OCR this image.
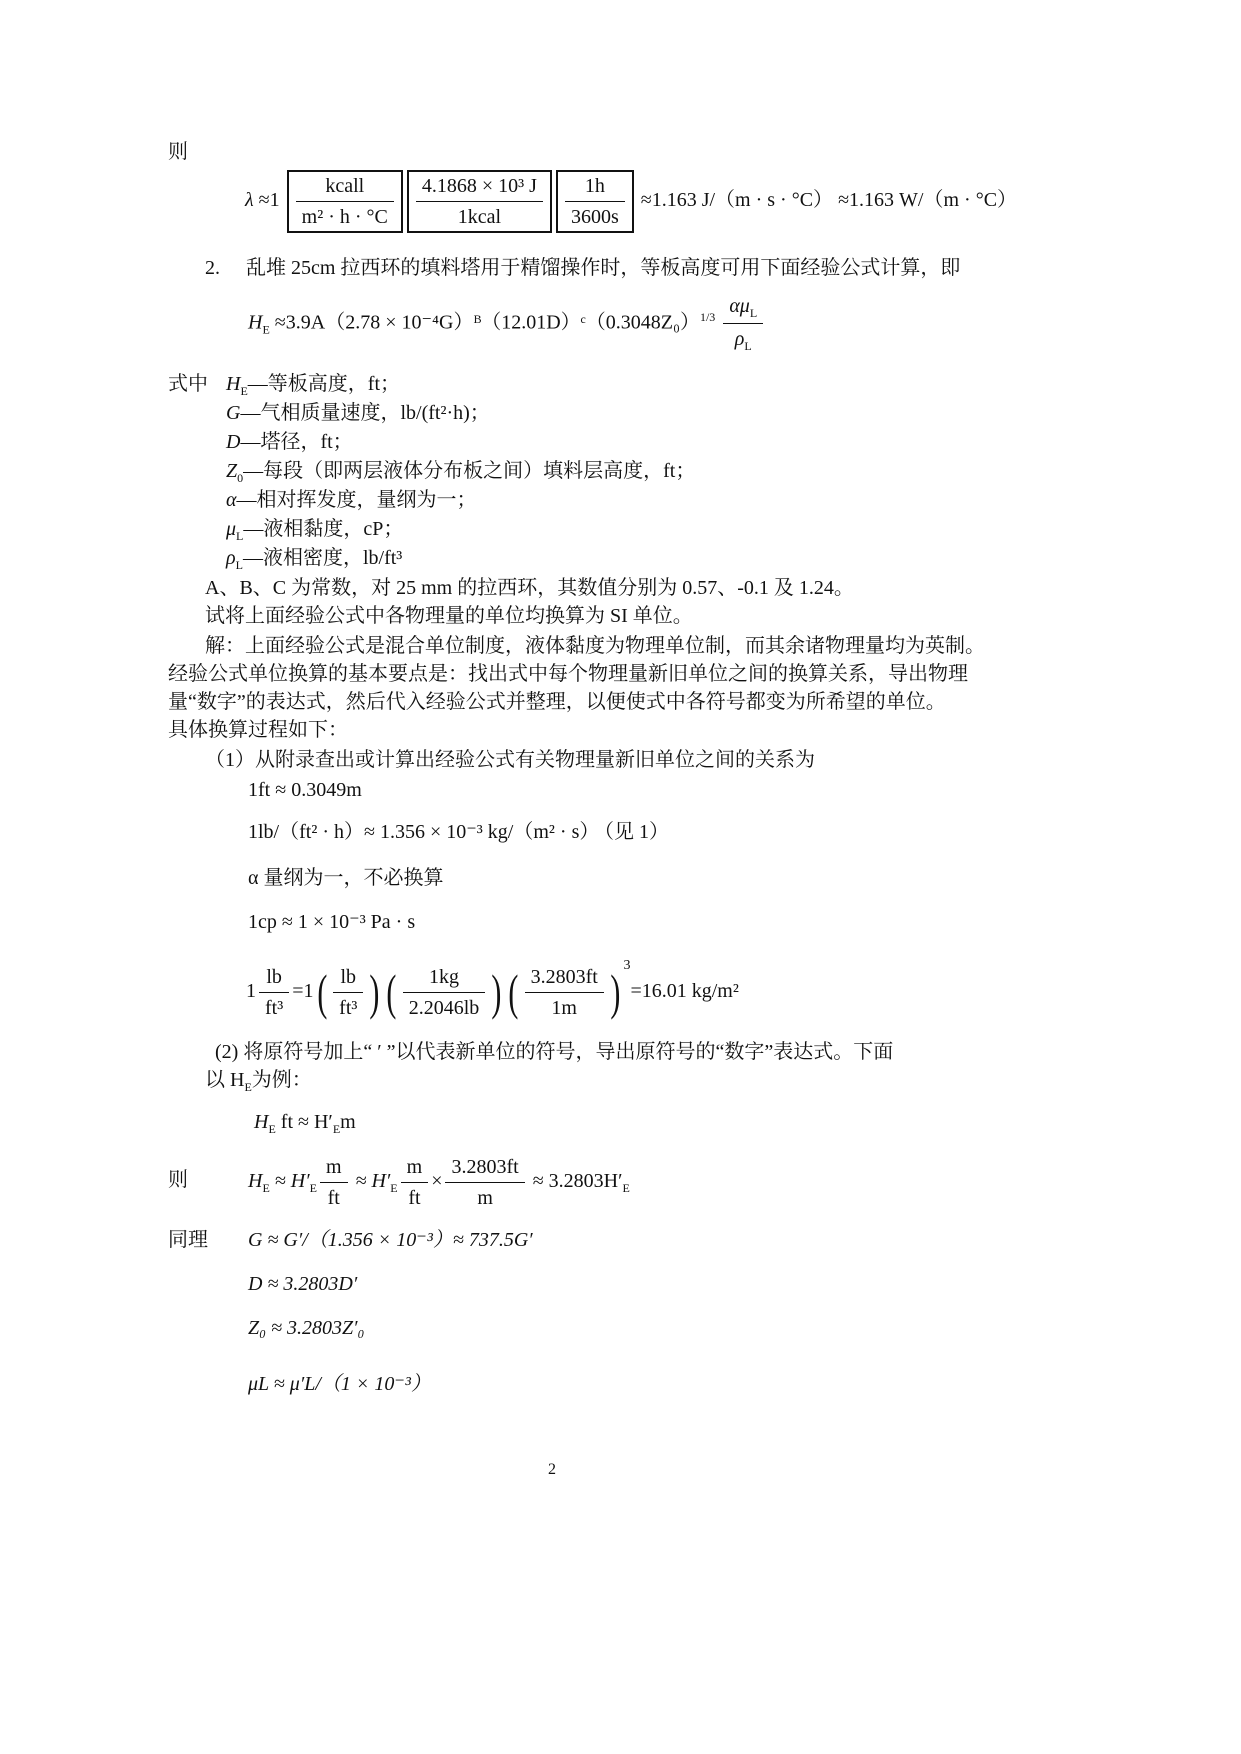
则
$\lambda \approx 1 \frac{\text{kcall}}{\text{m² · h · °C}} \frac{\text{4.1868 × 10³ J}}{\text{1kcal}} \frac{1h}{3600s} \approx 1.163$ J/（m · s · °C） ≈1.163 W/（m · °C）
2. 乱堆 25cm 拉西环的填料塔用于精馏操作时，等板高度可用下面经验公式计算，即
$H_E \approx 3.9A(2.78$ × $10^{-4}G)ᴮ(12.01D)ᶜ(0.3048Z_0)^{1/3} \frac{\alpha\mu_L}{\rho_L}$
式中 $H_E—$等板高度，ft；
G—气相质量速度，lb/(ft²·h)；
D—塔径，ft；
$Z_0—$每段（即两层液体分布板之间）填料层高度，ft；
α—相对挥发度，量纲为一；
$\mu_L—$液相黏度，cP；
$\rho_L—$液相密度，lb/ft³
A、B、C 为常数，对 25 mm 的拉西环，其数值分别为 0.57、-0.1 及 1.24。
试将上面经验公式中各物理量的单位均换算为 SI 单位。
解：上面经验公式是混合单位制度，液体黏度为物理单位制，而其余诸物理量均为英制。
经验公式单位换算的基本要点是：找出式中每个物理量新旧单位之间的换算关系，导出物理
量“数字”的表达式，然后代入经验公式并整理，以便使式中各符号都变为所希望的单位。
具体换算过程如下：
（1）从附录查出或计算出经验公式有关物理量新旧单位之间的关系为
1ft ≈ 0.3049m
1lb/（ft² · h）≈ 1.356 × 10⁻³ kg/（m² · s）
（见 1）
α 量纲为一，不必换算
1cp ≈ 1 × 10⁻³ Pa · s
$1 \frac{lb}{\text{ft³}} =1( \frac{lb}{\text{ft³}}$ ) ( $\frac{1kg}{2.2046lb}$ ) ( $\frac{3.2803ft}{1m}$ ) $^3$=16.01 kg/m²
(2) 将原符号加上“ ′ ”以代表新单位的符号，导出原符号的“数字”表达式。下面
以 $H_E$为例：
$H_E$ ft ≈ $H'_Em$
则	$H_E \approx H'_E \frac{m}{ft} \approx H'_E \frac{m}{ft} \times \frac{3.2803ft}{m} \approx 3.2803H'_E$
同理 G ≈ G′/（1.356 × 10⁻³）≈ 737.5G′
D ≈ 3.2803D′
Z₀ ≈ 3.2803Z′₀
μL ≈ μ′L/（1 × 10⁻³）
2
